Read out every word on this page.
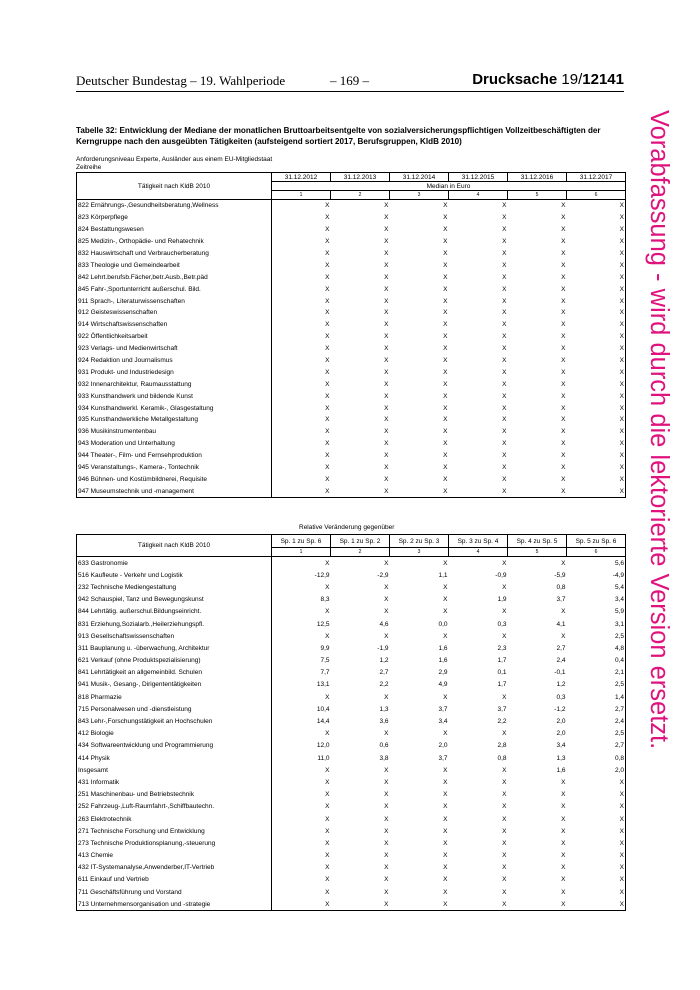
Deutscher Bundestag – 19. Wahlperiode	– 169 –	Drucksache 19/12141
Tabelle 32: Entwicklung der Mediane der monatlichen Bruttoarbeitsentgelte von sozialversicherungspflichtigen Vollzeitbeschäftigten der Kerngruppe nach den ausgeübten Tätigkeiten (aufsteigend sortiert 2017, Berufsgruppen, KldB 2010)
Anforderungsniveau Experte, Ausländer aus einem EU-Mitgliedstaat
Zeitreihe	Vorabfassung - wird durch die lektorierte Version ersetzt.
Tätigkeit nach KldB 2010	31.12.2012	31.12.2013	31.12.2014	31.12.2015	31.12.2016	31.12.2017
	Median in Euro					
	1	2	3	4	5	6
822 Ernährungs-,Gesundheitsberatung,Wellness	X	X	X	X	X	X
823 Körperpflege	X	X	X	X	X	X
824 Bestattungswesen	X	X	X	X	X	X
825 Medizin-, Orthopädie- und Rehatechnik	X	X	X	X	X	X
832 Hauswirtschaft und Verbraucherberatung	X	X	X	X	X	X
833 Theologie und Gemeindearbeit	X	X	X	X	X	X
842 Lehrt.berufsb.Fächer,betr.Ausb.,Betr.päd	X	X	X	X	X	X
845 Fahr-,Sportunterricht außerschul. Bild.	X	X	X	X	X	X
911 Sprach-, Literaturwissenschaften	X	X	X	X	X	X
912 Geisteswissenschaften	X	X	X	X	X	X
914 Wirtschaftswissenschaften	X	X	X	X	X	X
922 Öffentlichkeitsarbeit	X	X	X	X	X	X
923 Verlags- und Medienwirtschaft	X	X	X	X	X	X
924 Redaktion und Journalismus	X	X	X	X	X	X
931 Produkt- und Industriedesign	X	X	X	X	X	X
932 Innenarchitektur, Raumausstattung	X	X	X	X	X	X
933 Kunsthandwerk und bildende Kunst	X	X	X	X	X	X
934 Kunsthandwerkl. Keramik-, Glasgestaltung	X	X	X	X	X	X
935 Kunsthandwerkliche Metallgestaltung	X	X	X	X	X	X
936 Musikinstrumentenbau	X	X	X	X	X	X
943 Moderation und Unterhaltung	X	X	X	X	X	X
944 Theater-, Film- und Fernsehproduktion	X	X	X	X	X	X
945 Veranstaltungs-, Kamera-, Tontechnik	X	X	X	X	X	X
946 Bühnen- und Kostümbildnerei, Requisite	X	X	X	X	X	X
947 Museumstechnik und -management	X	X	X	X	X	X
Relative Veränderung gegenüber
Tätigkeit nach KldB 2010	Sp. 1 zu Sp. 6	Sp. 1 zu Sp. 2	Sp. 2 zu Sp. 3	Sp. 3 zu Sp. 4	Sp. 4 zu Sp. 5	Sp. 5 zu Sp. 6
	1	2	3	4	5	6
633 Gastronomie	X	X	X	X	X	5,6
516 Kaufleute - Verkehr und Logistik	-12,9	-2,9	1,1	-0,9	-5,9	-4,9
232 Technische Mediengestaltung	X	X	X	X	0,8	5,4
942 Schauspiel, Tanz und Bewegungskunst	8,3	X	X	1,9	3,7	3,4
844 Lehrtätig. außerschul.Bildungseinricht.	X	X	X	X	X	5,9
831 Erziehung,Sozialarb.,Heilerziehungspfl.	12,5	4,6	0,0	0,3	4,1	3,1
913 Gesellschaftswissenschaften	X	X	X	X	X	2,5
311 Bauplanung u. -überwachung, Architektur	9,9	-1,9	1,6	2,3	2,7	4,8
621 Verkauf (ohne Produktspezialisierung)	7,5	1,2	1,6	1,7	2,4	0,4
841 Lehrtätigkeit an allgemeinbild. Schulen	7,7	2,7	2,9	0,1	-0,1	2,1
941 Musik-, Gesang-, Dirigententätigkeiten	13,1	2,2	4,9	1,7	1,2	2,5
818 Pharmazie	X	X	X	X	0,3	1,4
715 Personalwesen und -dienstleistung	10,4	1,3	3,7	3,7	-1,2	2,7
843 Lehr-,Forschungstätigkeit an Hochschulen	14,4	3,6	3,4	2,2	2,0	2,4
412 Biologie	X	X	X	X	2,0	2,5
434 Softwareentwicklung und Programmierung	12,0	0,6	2,0	2,8	3,4	2,7
414 Physik	11,0	3,8	3,7	0,8	1,3	0,8
Insgesamt	X	X	X	X	1,6	2,0
431 Informatik	X	X	X	X	X	X
251 Maschinenbau- und Betriebstechnik	X	X	X	X	X	X
252 Fahrzeug-,Luft-Raumfahrt-,Schiffbautechn.	X	X	X	X	X	X
263 Elektrotechnik	X	X	X	X	X	X
271 Technische Forschung und Entwicklung	X	X	X	X	X	X
273 Technische Produktionsplanung,-steuerung	X	X	X	X	X	X
413 Chemie	X	X	X	X	X	X
432 IT-Systemanalyse,Anwenderber,IT-Vertrieb	X	X	X	X	X	X
611 Einkauf und Vertrieb	X	X	X	X	X	X
711 Geschäftsführung und Vorstand	X	X	X	X	X	X
713 Unternehmensorganisation und -strategie	X	X	X	X	X	X
